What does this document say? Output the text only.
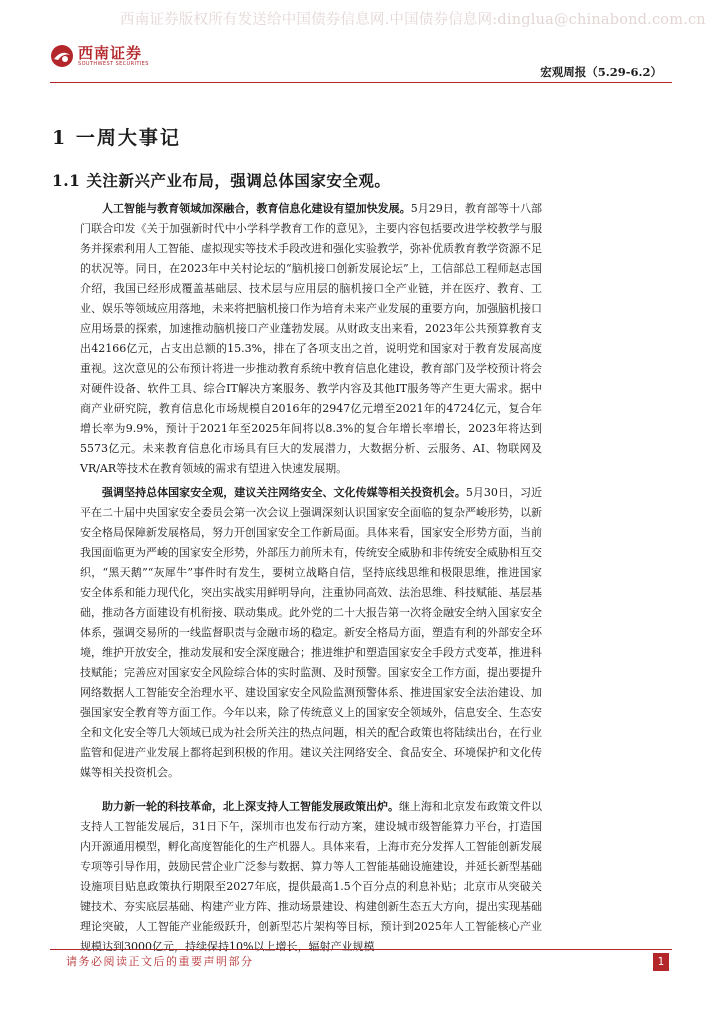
西南证券版权所有发送给中国债券信息网.中国债券信息网:dinglua@chinabond.com.cn
西南证券
SOUTHWEST SECURITIES
宏观周报（5.29-6.2）
1 一周大事记
1.1 关注新兴产业布局，强调总体国家安全观。

人工智能与教育领域加深融合，教育信息化建设有望加快发展。5月29日，教育部等十八部门联合印发《关于加强新时代中小学科学教育工作的意见》，主要内容包括要改进学校教学与服务并探索利用人工智能、虚拟现实等技术手段改进和强化实验教学，弥补优质教育教学资源不足的状况等。同日，在2023年中关村论坛的“脑机接口创新发展论坛”上，工信部总工程师赵志国介绍，我国已经形成覆盖基础层、技术层与应用层的脑机接口全产业链，并在医疗、教育、工业、娱乐等领域应用落地，未来将把脑机接口作为培育未来产业发展的重要方向，加强脑机接口应用场景的探索，加速推动脑机接口产业蓬勃发展。从财政支出来看，2023年公共预算教育支出42166亿元，占支出总额的15.3%，排在了各项支出之首，说明党和国家对于教育发展高度重视。这次意见的公布预计将进一步推动教育系统中教育信息化建设，教育部门及学校预计将会对硬件设备、软件工具、综合IT解决方案服务、教学内容及其他IT服务等产生更大需求。据中商产业研究院，教育信息化市场规模自2016年的2947亿元增至2021年的4724亿元，复合年增长率为9.9%，预计于2021年至2025年间将以8.3%的复合年增长率增长，2023年将达到5573亿元。未来教育信息化市场具有巨大的发展潜力，大数据分析、云服务、AI、物联网及VR/AR等技术在教育领域的需求有望进入快速发展期。

强调坚持总体国家安全观，建议关注网络安全、文化传媒等相关投资机会。5月30日，习近平在二十届中央国家安全委员会第一次会议上强调深刻认识国家安全面临的复杂严峻形势，以新安全格局保障新发展格局，努力开创国家安全工作新局面。具体来看，国家安全形势方面，当前我国面临更为严峻的国家安全形势，外部压力前所未有，传统安全威胁和非传统安全威胁相互交织，“黑天鹅”“灰犀牛”事件时有发生，要树立战略自信，坚持底线思维和极限思维，推进国家安全体系和能力现代化，突出实战实用鲜明导向，注重协同高效、法治思维、科技赋能、基层基础，推动各方面建设有机衔接、联动集成。此外党的二十大报告第一次将金融安全纳入国家安全体系，强调交易所的一线监督职责与金融市场的稳定。新安全格局方面，塑造有利的外部安全环境，维护开放安全，推动发展和安全深度融合；推进维护和塑造国家安全手段方式变革，推进科技赋能；完善应对国家安全风险综合体的实时监测、及时预警。国家安全工作方面，提出要提升网络数据人工智能安全治理水平、建设国家安全风险监测预警体系、推进国家安全法治建设、加强国家安全教育等方面工作。今年以来，除了传统意义上的国家安全领域外，信息安全、生态安全和文化安全等几大领域已成为社会所关注的热点问题，相关的配合政策也将陆续出台，在行业监管和促进产业发展上都将起到积极的作用。建议关注网络安全、食品安全、环境保护和文化传媒等相关投资机会。

助力新一轮的科技革命，北上深支持人工智能发展政策出炉。继上海和北京发布政策文件以支持人工智能发展后，31日下午，深圳市也发布行动方案，建设城市级智能算力平台，打造国内开源通用模型，孵化高度智能化的生产机器人。具体来看，上海市充分发挥人工智能创新发展专项等引导作用，鼓励民营企业广泛参与数据、算力等人工智能基础设施建设，并延长新型基础设施项目贴息政策执行期限至2027年底，提供最高1.5个百分点的利息补贴；北京市从突破关键技术、夯实底层基础、构建产业方阵、推动场景建设、构建创新生态五大方向，提出实现基础理论突破，人工智能产业能级跃升，创新型芯片架构等目标，预计到2025年人工智能核心产业规模达到3000亿元，持续保持10%以上增长，辐射产业规模

请务必阅读正文后的重要声明部分	1
